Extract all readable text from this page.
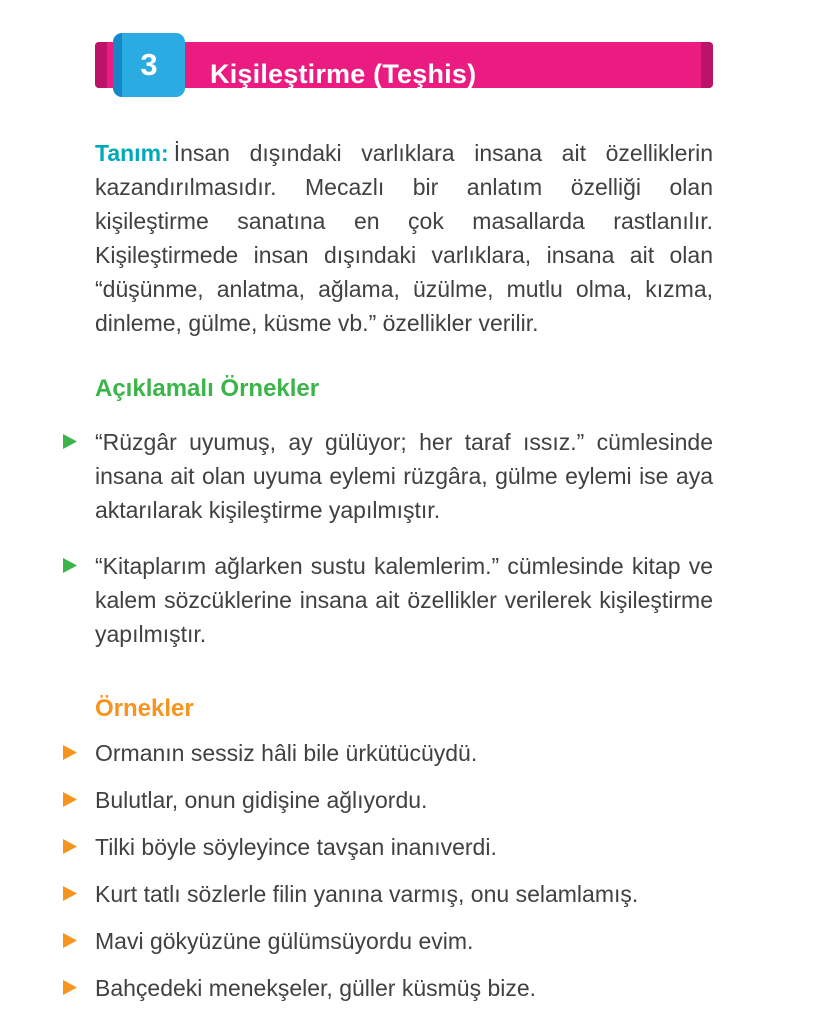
Kişileştirme (Teşhis)
3

Tanım: İnsan dışındaki varlıklara insana ait özelliklerin kazandırılmasıdır. Mecazlı bir anlatım özelliği olan kişileştirme sanatına en çok masallarda rastlanılır. Kişileştirmede insan dışındaki varlıklara, insana ait olan “düşünme, anlatma, ağlama, üzülme, mutlu olma, kızma, dinleme, gülme, küsme vb.” özellikler verilir.

Açıklamalı Örnekler
“Rüzgâr uyumuş, ay gülüyor; her taraf ıssız.” cümlesinde insana ait olan uyuma eylemi rüzgâra, gülme eylemi ise aya aktarılarak kişileştirme yapılmıştır.
“Kitaplarım ağlarken sustu kalemlerim.” cümlesinde kitap ve kalem sözcüklerine insana ait özellikler verilerek kişileştirme yapılmıştır.
Örnekler
Ormanın sessiz hâli bile ürkütücüydü.
Bulutlar, onun gidişine ağlıyordu.
Tilki böyle söyleyince tavşan inanıverdi.
Kurt tatlı sözlerle filin yanına varmış, onu selamlamış.
Mavi gökyüzüne gülümsüyordu evim.
Bahçedeki menekşeler, güller küsmüş bize.
